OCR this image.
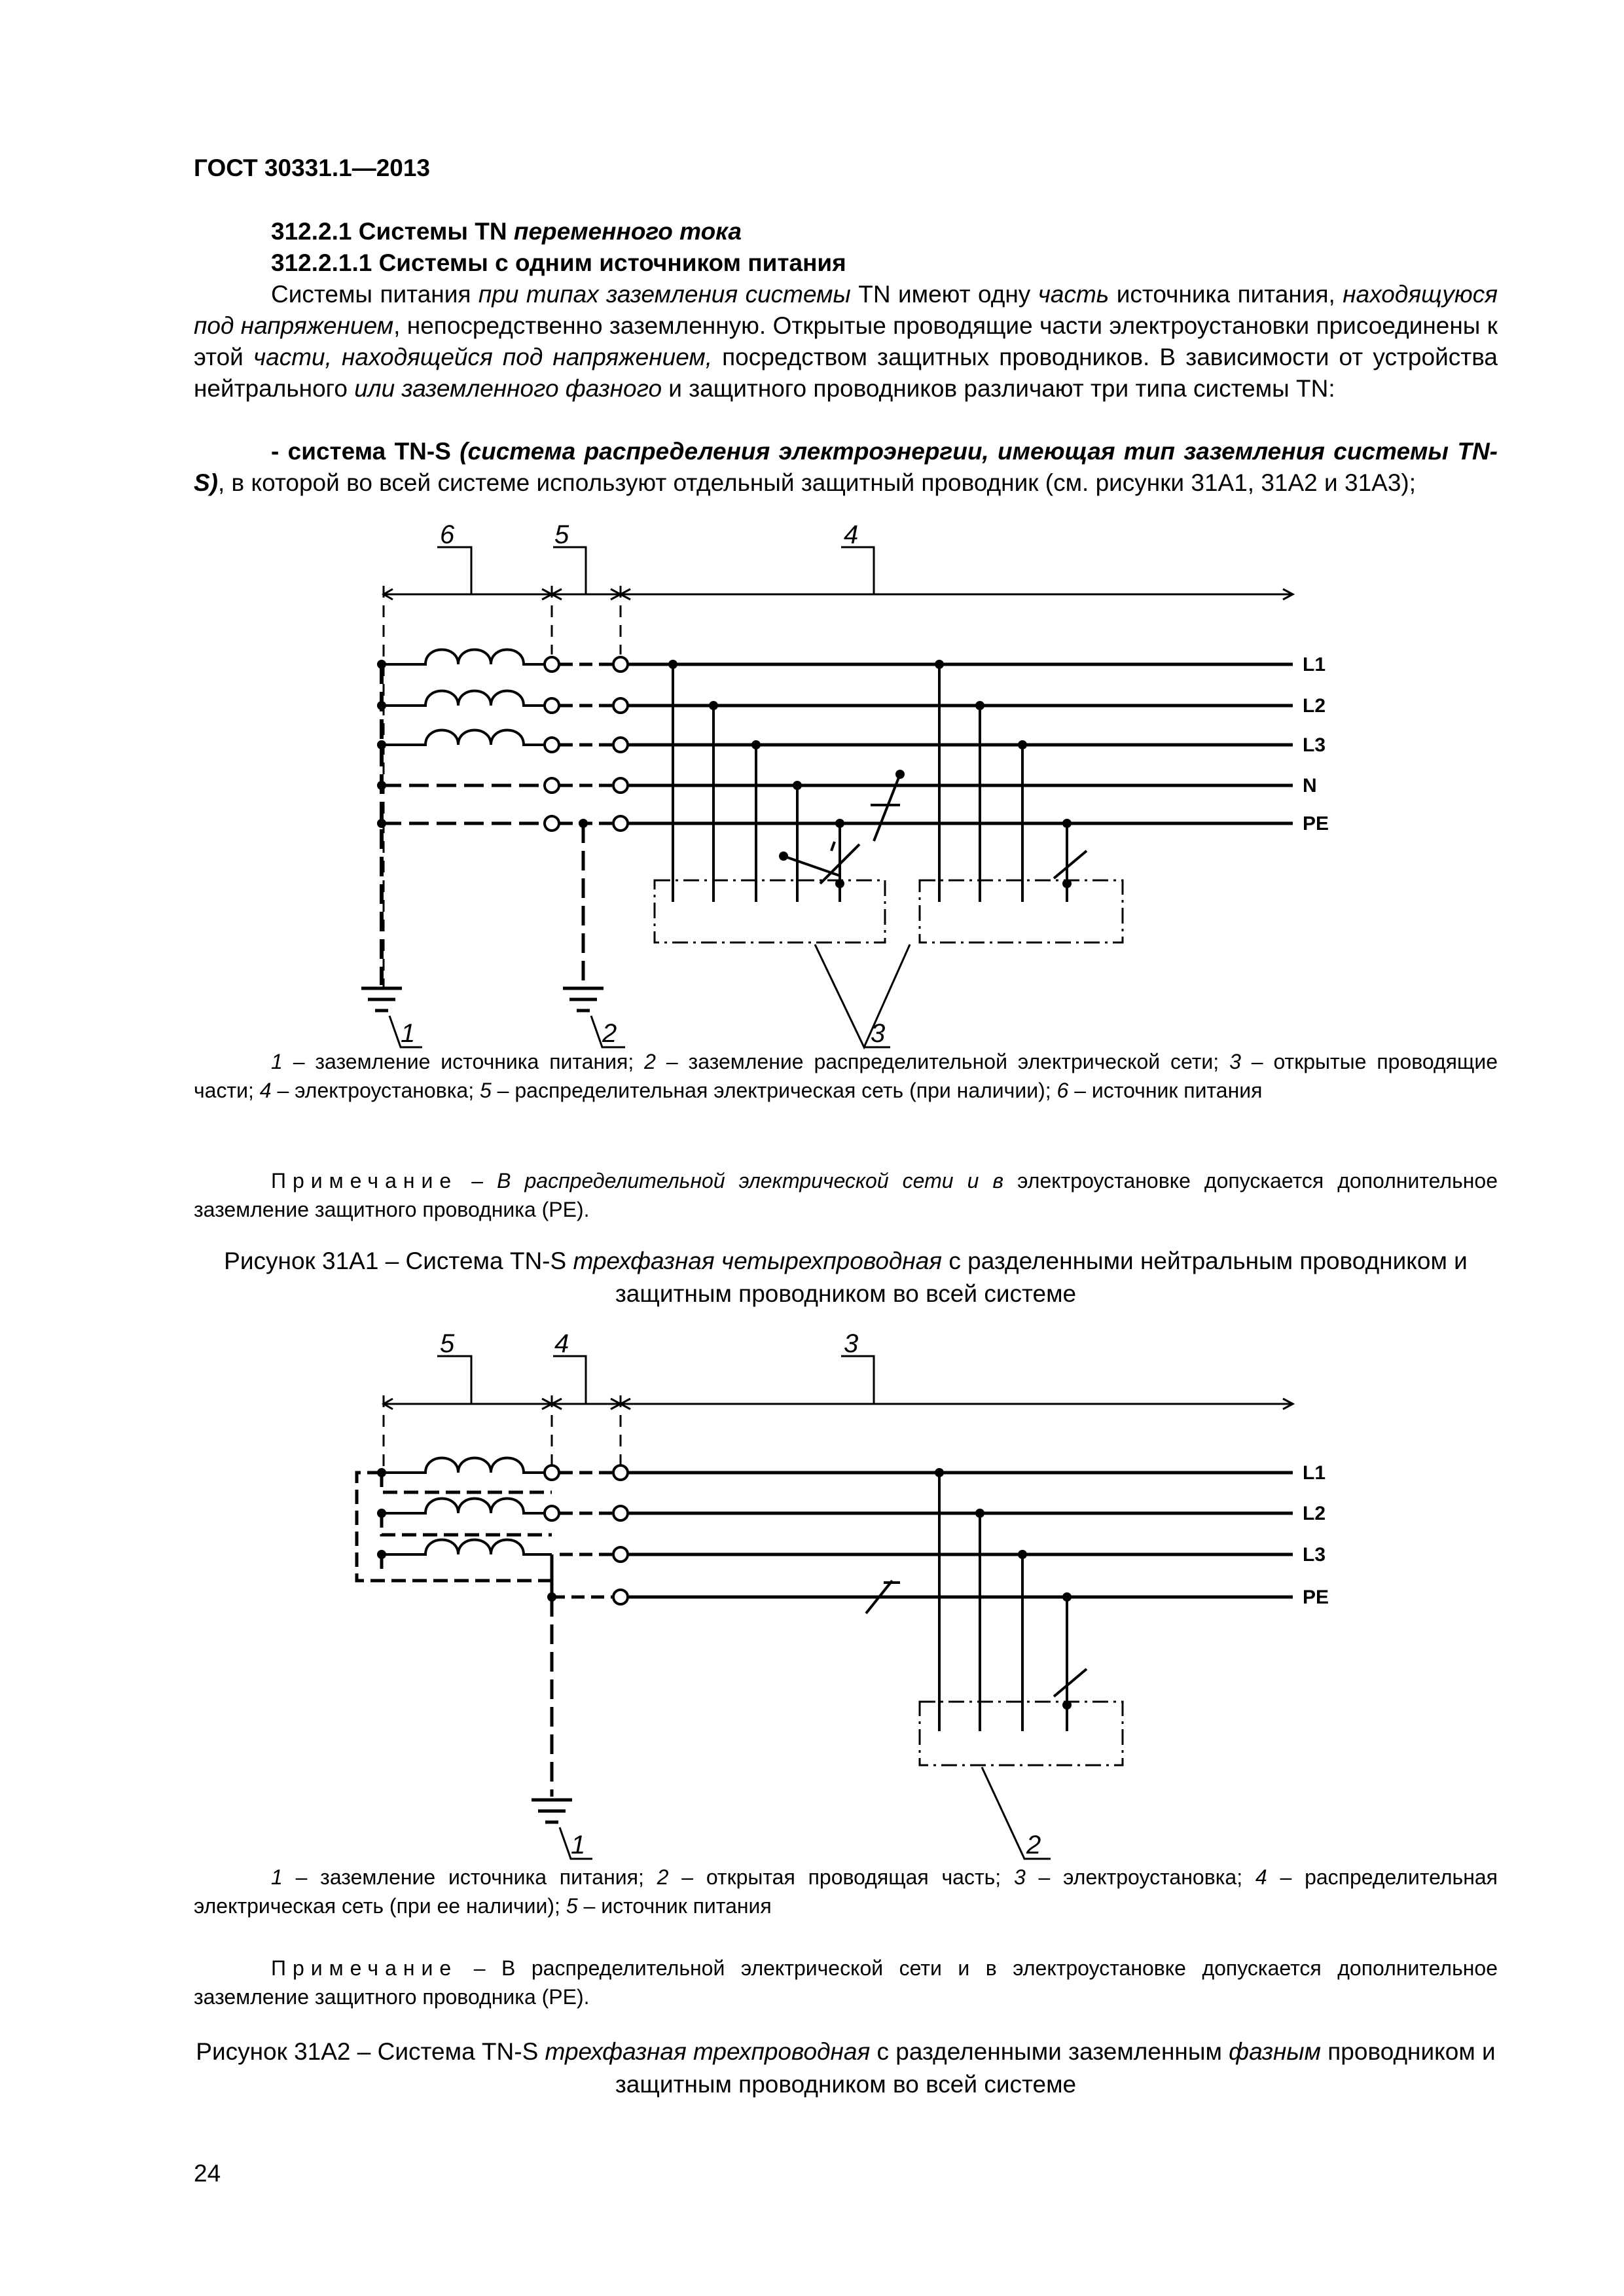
ГОСТ 30331.1—2013
312.2.1 Системы TN переменного тока
312.2.1.1 Системы с одним источником питания
Системы питания при типах заземления системы TN имеют одну часть источника питания, находящуюся под напряжением, непосредственно заземленную. Открытые проводящие части электроустановки присоединены к этой части, находящейся под напряжением, посредством защитных проводников. В зависимости от устройства нейтрального или заземленного фазного и защитного проводников различают три типа системы TN:
- система TN-S (система распределения электроэнергии, имеющая тип заземления системы TN-S), в которой во всей системе используют отдельный защитный проводник (см. рисунки 31А1, 31А2 и 31А3);
6	5	4
1	2	3
L1
L2
L3
N
PE
1 – заземление источника питания; 2 – заземление распределительной электрической сети; 3 – открытые проводящие части; 4 – электроустановка; 5 – распределительная электрическая сеть (при наличии); 6 – источник питания
Примечание – В распределительной электрической сети и в электроустановке допускается дополнительное заземление защитного проводника (PE).
Рисунок 31А1 – Система TN-S трехфазная четырехпроводная с разделенными нейтральным проводником и защитным проводником во всей системе
5	4	3
1	2
L1
L2
L3
PE
1 – заземление источника питания; 2 – открытая проводящая часть; 3 – электроустановка; 4 – распределительная электрическая сеть (при ее наличии); 5 – источник питания
Примечание – В распределительной электрической сети и в электроустановке допускается дополнительное заземление защитного проводника (PE).
Рисунок 31А2 – Система TN-S трехфазная трехпроводная с разделенными заземленным фазным проводником и защитным проводником во всей системе
24
